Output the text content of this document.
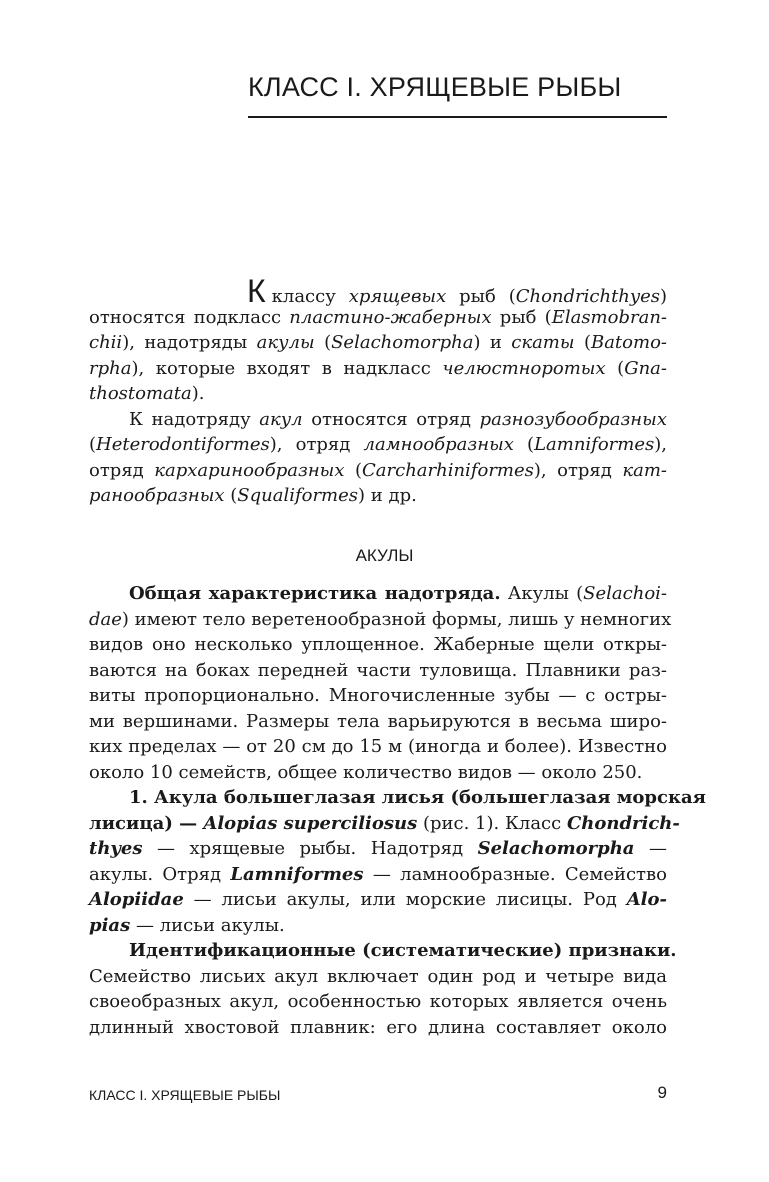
КЛАСС I. ХРЯЩЕВЫЕ РЫБЫ
Кклассу хрящевых рыб (Chondrichthyes)
относятся подкласс пластино-жаберных рыб (Elasmobran-
chii), надотряды акулы (Selachomorpha) и скаты (Batomo-
rpha), которые входят в надкласс челюстноротых (Gna-
thostomata).
К надотряду акул относятся отряд разнозубообразных
(Heterodontiformes), отряд ламнообразных (Lamniformes),
отряд кархаринообразных (Carcharhiniformes), отряд кат-
ранообразных (Squaliformes) и др.
АКУЛЫ
Общая характеристика надотряда. Акулы (Selachoi-
dae) имеют тело веретенообразной формы, лишь у немногих
видов оно несколько уплощенное. Жаберные щели откры-
ваются на боках передней части туловища. Плавники раз-
виты пропорционально. Многочисленные зубы — с остры-
ми вершинами. Размеры тела варьируются в весьма широ-
ких пределах — от 20 см до 15 м (иногда и более). Известно
около 10 семейств, общее количество видов — около 250.
1. Акула большеглазая лисья (большеглазая морская
лисица) — Alopias superciliosus (рис. 1). Класс Chondrich-
thyes — хрящевые рыбы. Надотряд Selachomorpha —
акулы. Отряд Lamniformes — ламнообразные. Семейство
Alopiidae — лисьи акулы, или морские лисицы. Род Alo-
pias — лисьи акулы.
Идентификационные (систематические) признаки.
Семейство лисьих акул включает один род и четыре вида
своеобразных акул, особенностью которых является очень
длинный хвостовой плавник: его длина составляет около
КЛАСС I. ХРЯЩЕВЫЕ РЫБЫ	9
